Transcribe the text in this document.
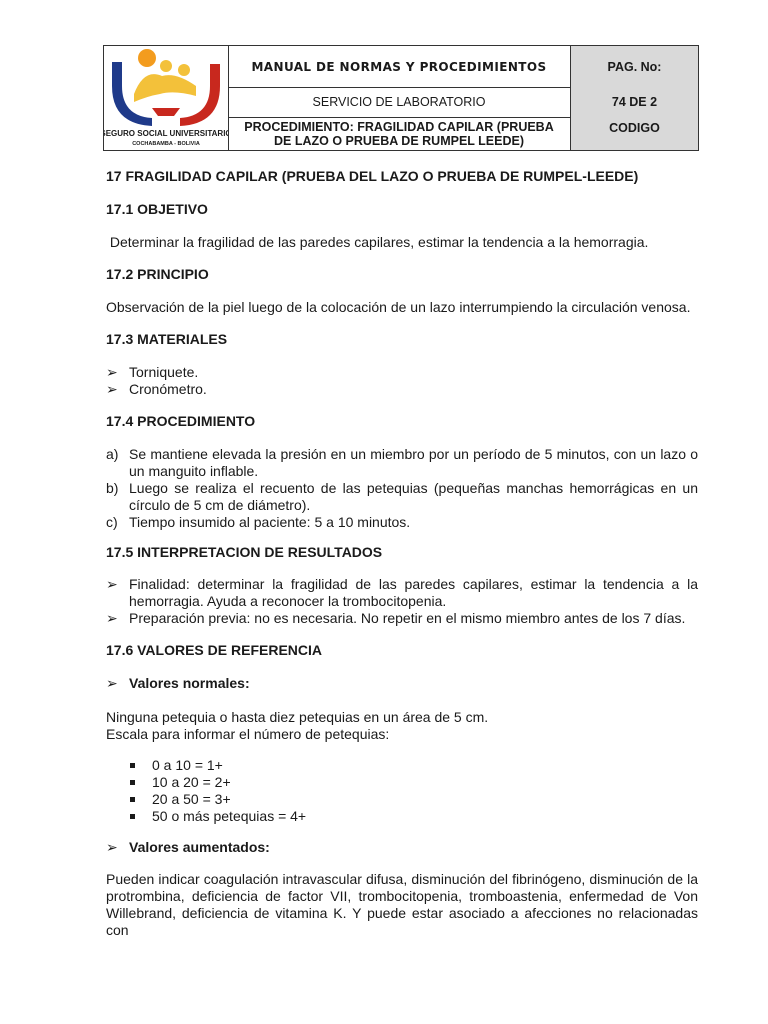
SEGURO SOCIAL UNIVERSITARIO
COCHABAMBA - BOLIVIA
MANUAL DE NORMAS Y PROCEDIMIENTOS	PAG. No:
SERVICIO DE LABORATORIO	74 DE 2
PROCEDIMIENTO: FRAGILIDAD CAPILAR (PRUEBA
DE LAZO O PRUEBA DE RUMPEL LEEDE)
CODIGO

17 FRAGILIDAD CAPILAR (PRUEBA DEL LAZO O PRUEBA DE RUMPEL-LEEDE)

17.1 OBJETIVO

Determinar la fragilidad de las paredes capilares, estimar la tendencia a la hemorragia.

17.2 PRINCIPIO

Observación de la piel luego de la colocación de un lazo interrumpiendo la circulación venosa.

17.3 MATERIALES

➢ Torniquete.
➢ Cronómetro.

17.4 PROCEDIMIENTO

a) Se mantiene elevada la presión en un miembro por un período de 5 minutos, con un lazo o un manguito inflable.
b) Luego se realiza el recuento de las petequias (pequeñas manchas hemorrágicas en un círculo de 5 cm de diámetro).
c) Tiempo insumido al paciente: 5 a 10 minutos.

17.5 INTERPRETACION DE RESULTADOS

➢ Finalidad: determinar la fragilidad de las paredes capilares, estimar la tendencia a la hemorragia. Ayuda a reconocer la trombocitopenia.
➢ Preparación previa: no es necesaria. No repetir en el mismo miembro antes de los 7 días.

17.6 VALORES DE REFERENCIA

➢ Valores normales:

Ninguna petequia o hasta diez petequias en un área de 5 cm.

Escala para informar el número de petequias:

0 a 10 = 1+
10 a 20 = 2+
20 a 50 = 3+
50 o más petequias = 4+
➢ Valores aumentados:

Pueden indicar coagulación intravascular difusa, disminución del fibrinógeno, disminución de la protrombina, deficiencia de factor VII, trombocitopenia, tromboastenia, enfermedad de Von Willebrand, deficiencia de vitamina K. Y puede estar asociado a afecciones no relacionadas con
